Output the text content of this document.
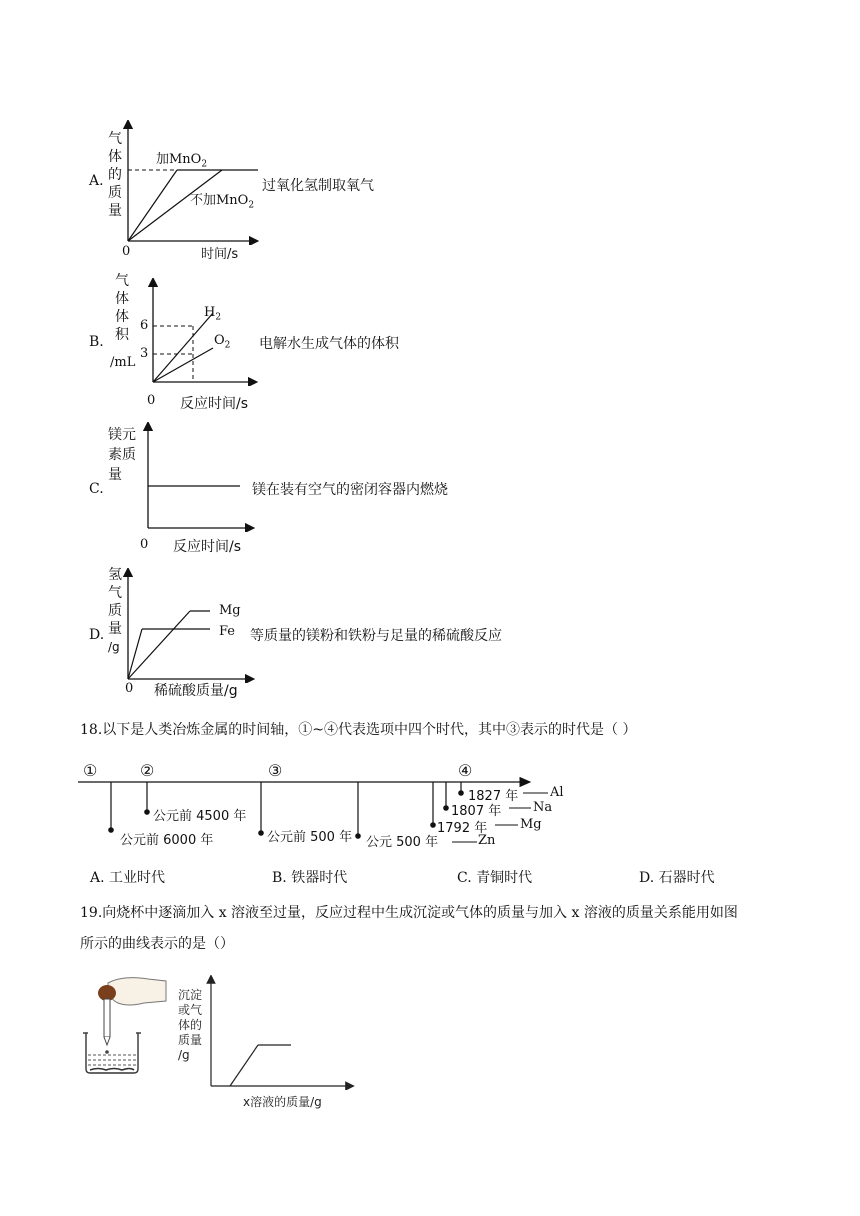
A.
气
体
的
质
量
加MnO$_2$
不加MnO$_2$
0	时间/s
过氧化氢制取氧气
B.
气
体
体
积
/mL
6
3
$H_2$
$O_2$
0 反应时间/s
电解水生成气体的体积
C.
镁元
素质
量
0 反应时间/s
镁在装有空气的密闭容器内燃烧
D.
氢
气
质
量
/g
Mg
Fe
0 稀硫酸质量/g
等质量的镁粉和铁粉与足量的稀硫酸反应
18.以下是人类冶炼金属的时间轴，①~④代表选项中四个时代，其中③表示的时代是（ ）
①	②	③	④
公元前 6000 年
公元前 4500 年
公元前 500 年 公元 500 年
1792 年
1807 年
1827 年 Al
Na
Mg
Zn
A. 工业时代	B. 铁器时代	C. 青铜时代	D. 石器时代
19.向烧杯中逐滴加入 x 溶液至过量，反应过程中生成沉淀或气体的质量与加入 x 溶液的质量关系能用如图
所示的曲线表示的是（）
沉淀
或气
体的
质量
/g
x溶液的质量/g
